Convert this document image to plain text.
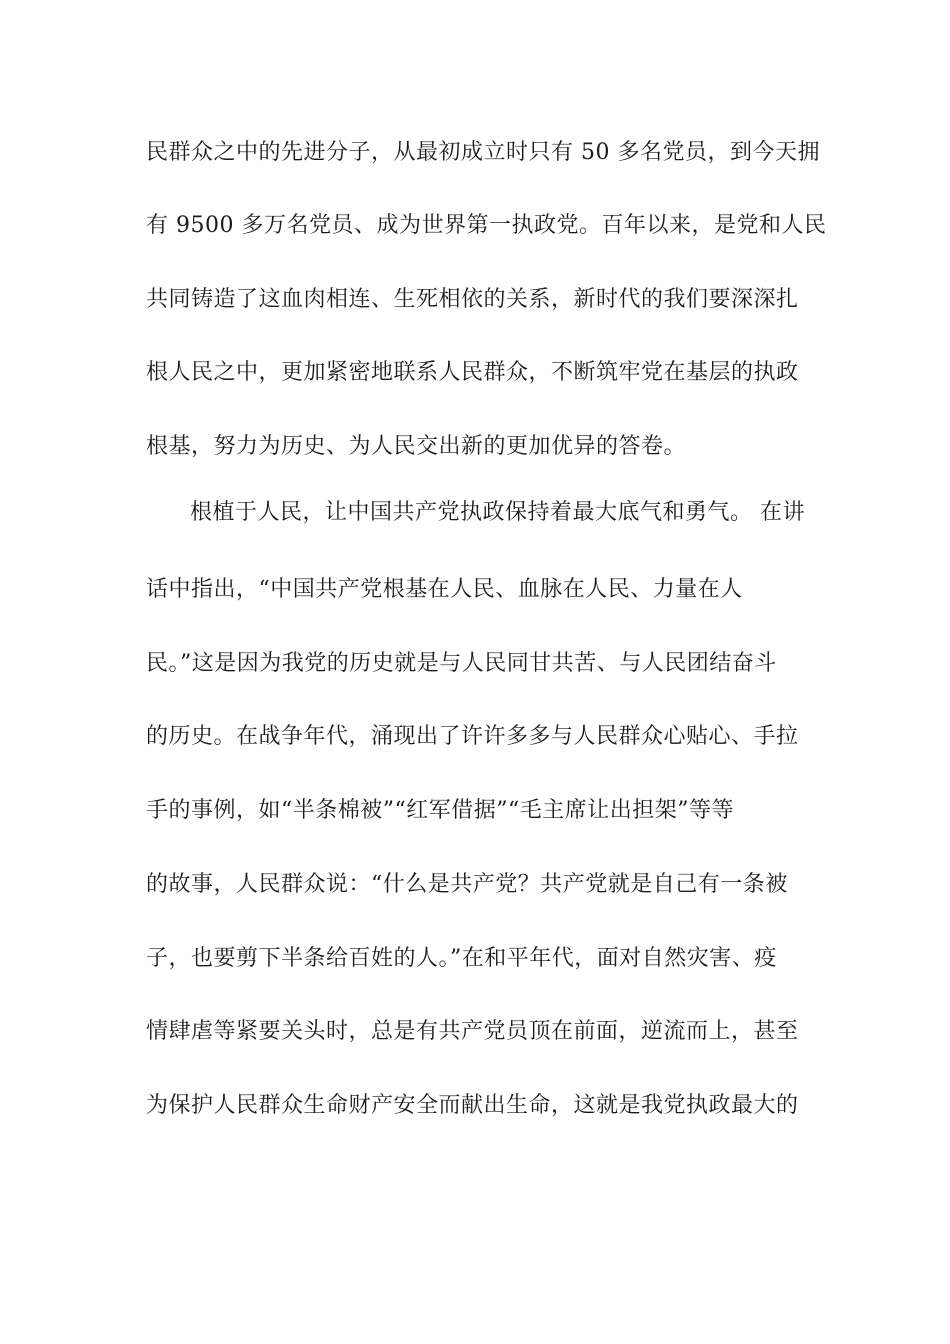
民群众之中的先进分子，从最初成立时只有 50 多名党员，到今天拥
有 9500 多万名党员、成为世界第一执政党。百年以来，是党和人民
共同铸造了这血肉相连、生死相依的关系，新时代的我们要深深扎
根人民之中，更加紧密地联系人民群众，不断筑牢党在基层的执政
根基，努力为历史、为人民交出新的更加优异的答卷。
根植于人民，让中国共产党执政保持着最大底气和勇气。 在讲
话中指出，“中国共产党根基在人民、血脉在人民、力量在人
民。”这是因为我党的历史就是与人民同甘共苦、与人民团结奋斗
的历史。在战争年代，涌现出了许许多多与人民群众心贴心、手拉
手的事例，如“半条棉被”“红军借据”“毛主席让出担架”等等
的故事，人民群众说：“什么是共产党？共产党就是自己有一条被
子，也要剪下半条给百姓的人。”在和平年代，面对自然灾害、疫
情肆虐等紧要关头时，总是有共产党员顶在前面，逆流而上，甚至
为保护人民群众生命财产安全而献出生命，这就是我党执政最大的
